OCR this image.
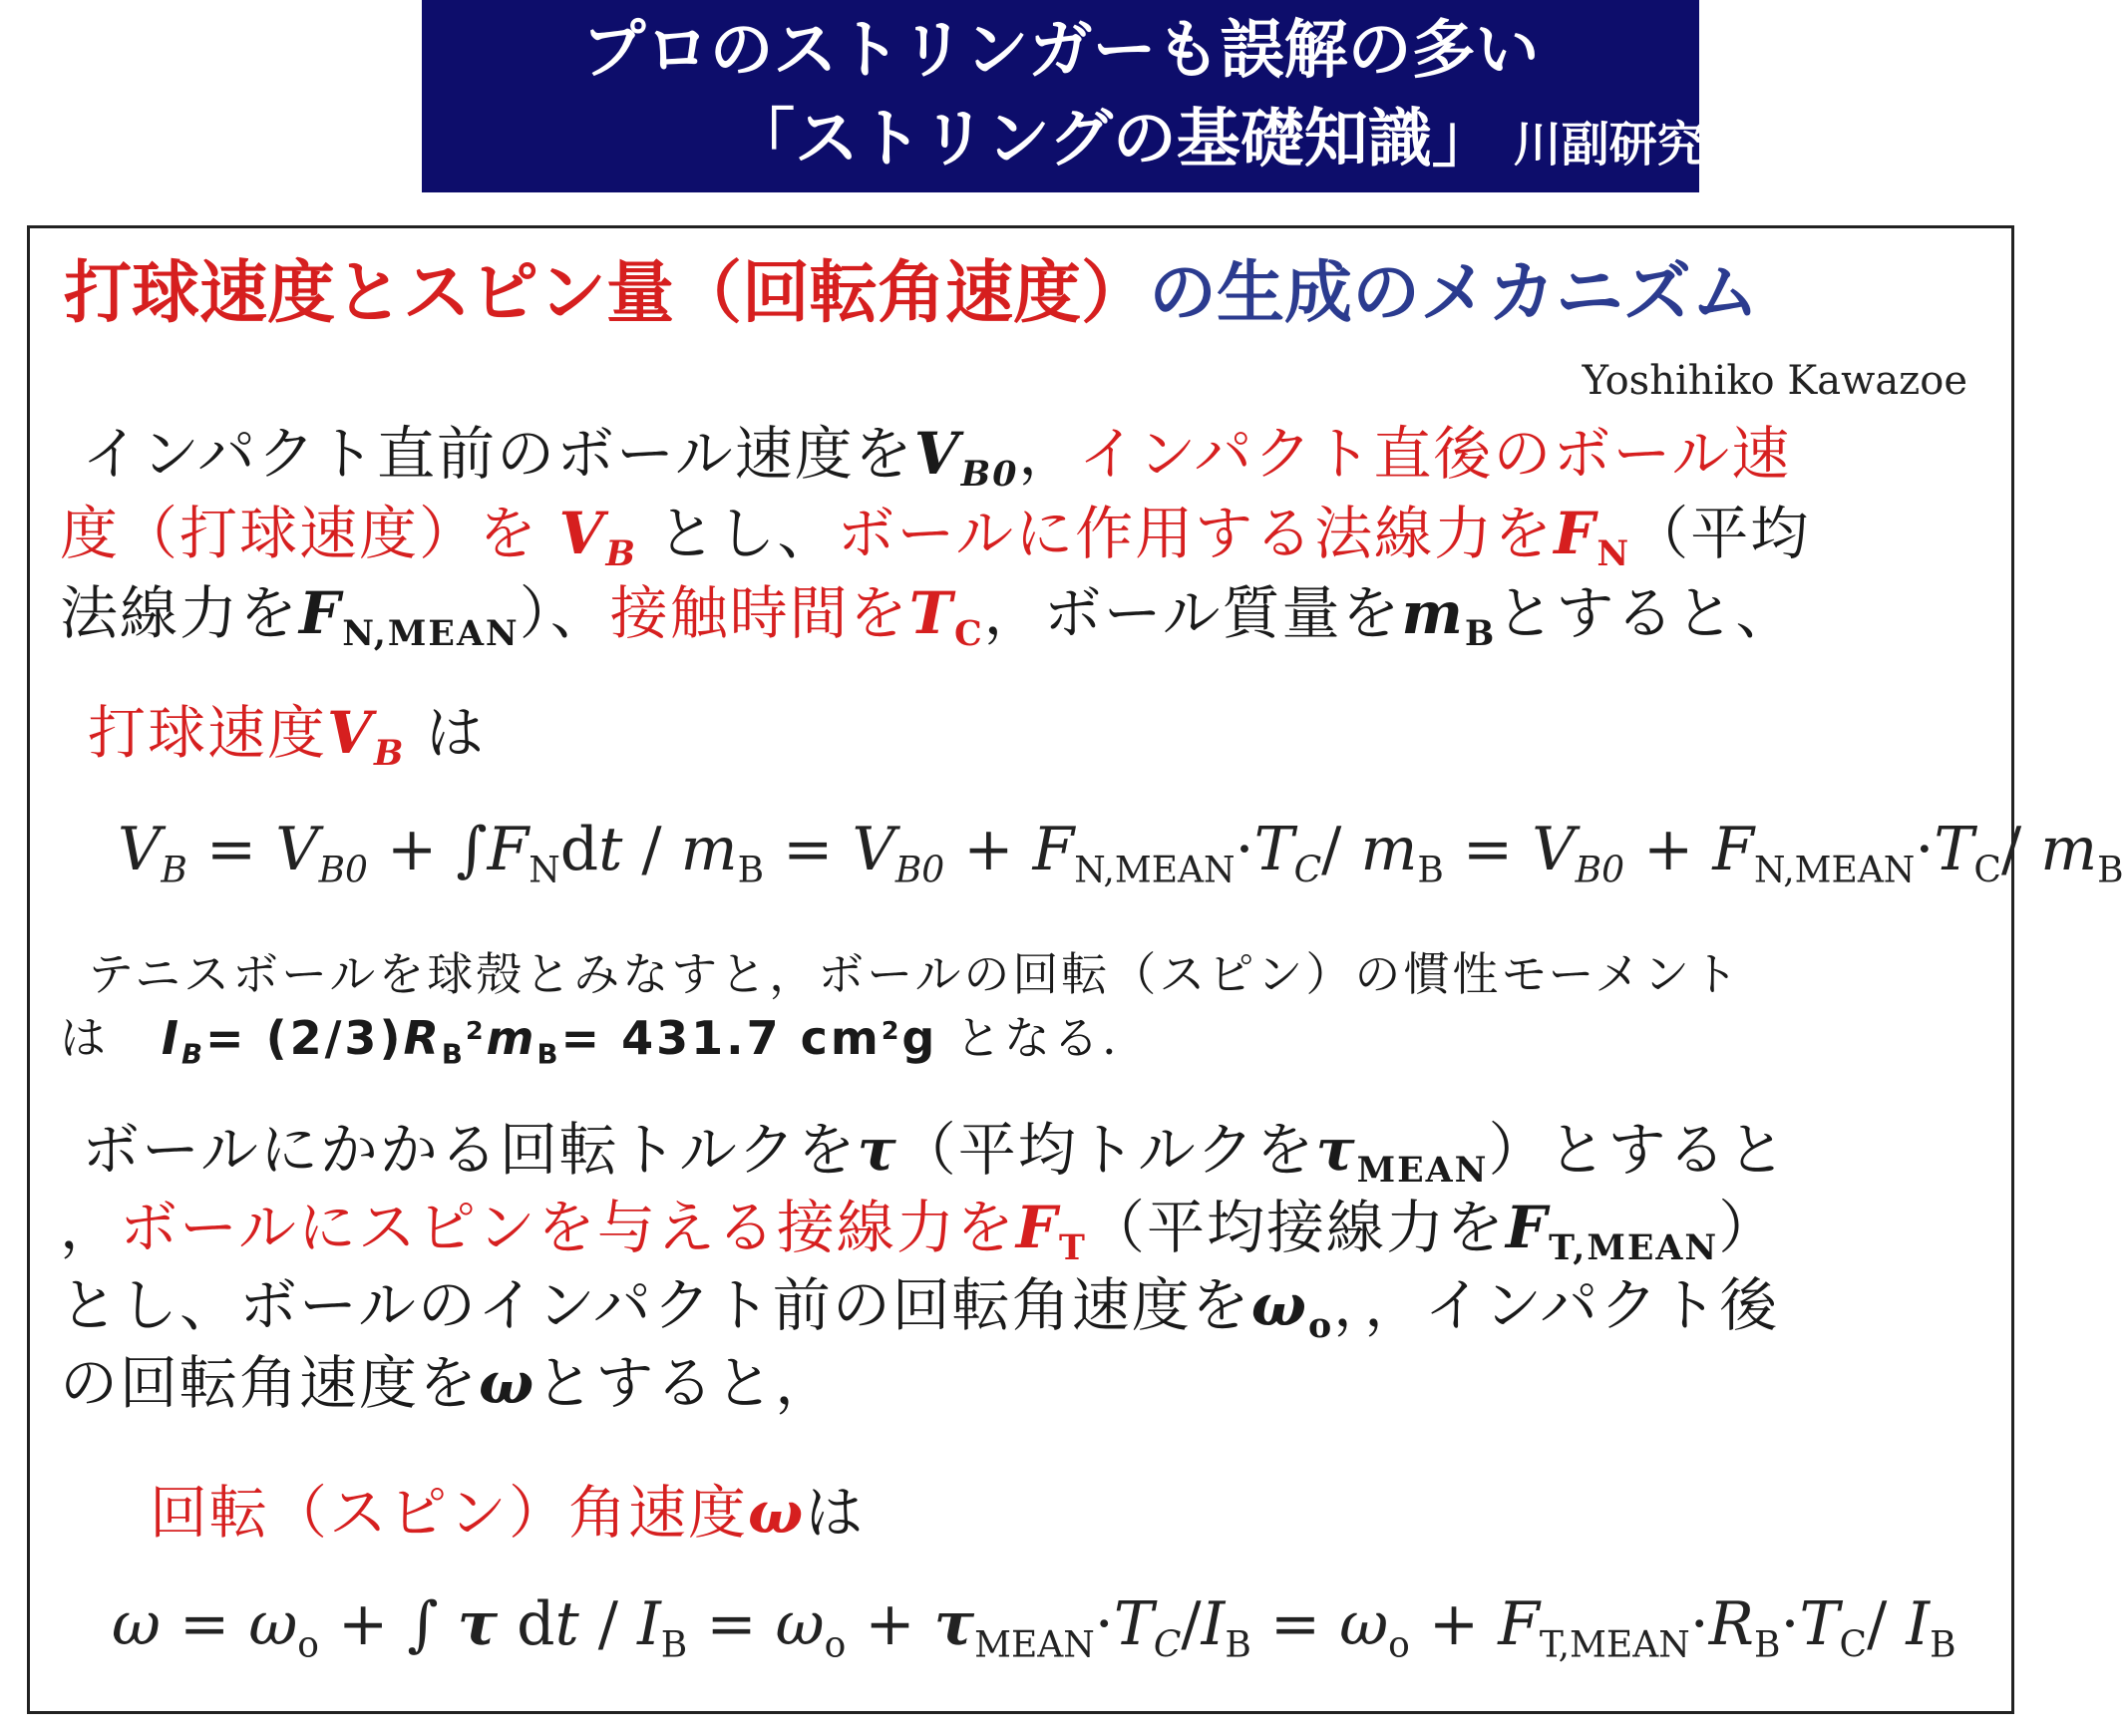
プロのストリンガーも誤解の多い
「ストリングの基礎知識」 川副研究室
打球速度とスピン量（回転角速度）の生成のメカニズム
Yoshihiko Kawazoe
インパクト直前のボール速度を$V_{B0}$，インパクト直後のボール速
度（打球速度）を $V_B$ とし、ボールに作用する法線力を$F_N$（平均
法線力を$F_{N,MEAN}$）、接触時間を$T_C$，ボール質量を$m_B$とすると、
打球速度$V_B$ は
$V_B = V_{B0} + \int F_Ndt / m_B = V_{B0} + F_{N,MEAN}\cdot T_C/$ $m_B = V_{B0} + F_{N,MEAN}\cdot T_C/$ $m_B$
テニスボールを球殻とみなすと，ボールの回転（スピン）の慣性モーメント
は $I_B= (2/3)R_B^2m_B= 431.7$ $cm^2g$ となる.
ボールにかかる回転トルクをτ（平均トルクを$\tau_{MEAN}$）とすると
，ボールにスピンを与える接線力を$F_T$（平均接線力を$F_{T,MEAN}$）
とし、ボールのインパクト前の回転角速度を$\omega_o$，，インパクト後
の回転角速度をωとすると，
回転（スピン）角速度ωは
$\omega = \omega_o$ + ∫ τ dt / $I_B = \omega_o + \tau_{MEAN}\cdot T_C/I_B = \omega_o + F_{T,MEAN}\cdot R_B\cdot T_C/$ $I_B$
